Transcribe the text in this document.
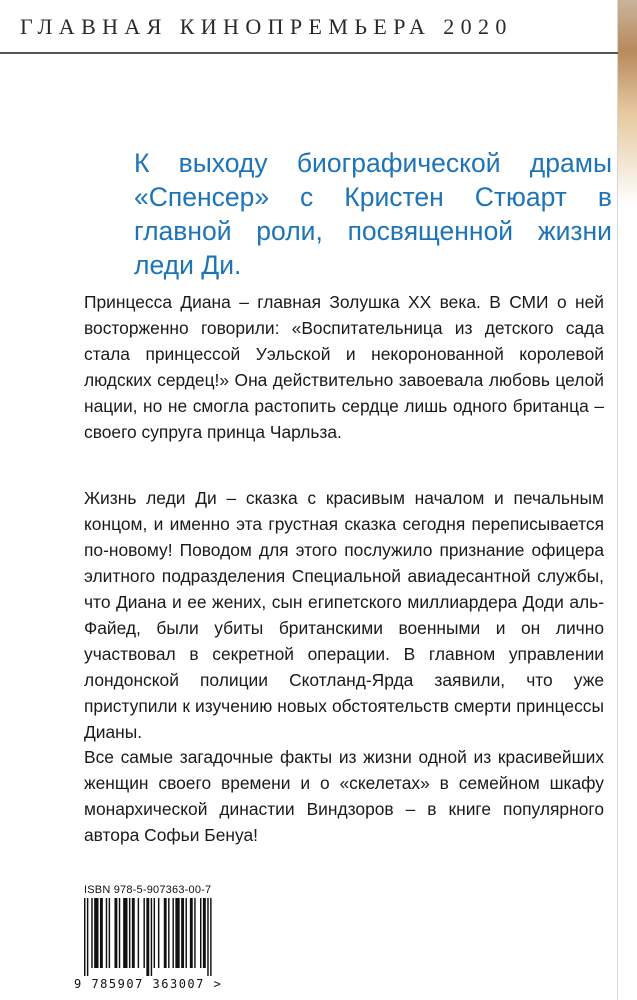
ГЛАВНАЯ КИНОПРЕМЬЕРА 2020
К выходу биографической драмы «Спенсер» с Кристен Стюарт в главной роли, посвященной жизни леди Ди.
Принцесса Диана – главная Золушка XX века. В СМИ о ней восторженно говорили: «Воспитательница из детского сада стала принцессой Уэльской и некоронованной королевой людских сердец!» Она действительно завоевала любовь целой нации, но не смогла растопить сердце лишь одного британца – своего супруга принца Чарльза.
Жизнь леди Ди – сказка с красивым началом и печальным концом, и именно эта грустная сказка сегодня переписывается по-новому! Поводом для этого послужило признание офицера элитного подразделения Специальной авиадесантной службы, что Диана и ее жених, сын египетского миллиардера Доди аль-Файед, были убиты британскими военными и он лично участвовал в секретной операции. В главном управлении лондонской полиции Скотланд-Ярда заявили, что уже приступили к изучению новых обстоятельств смерти принцессы Дианы.
Все самые загадочные факты из жизни одной из красивейших женщин своего времени и о «скелетах» в семейном шкафу монархической династии Виндзоров – в книге популярного автора Софьи Бенуа!
ISBN 978-5-907363-00-7
9 785907 363007 >
